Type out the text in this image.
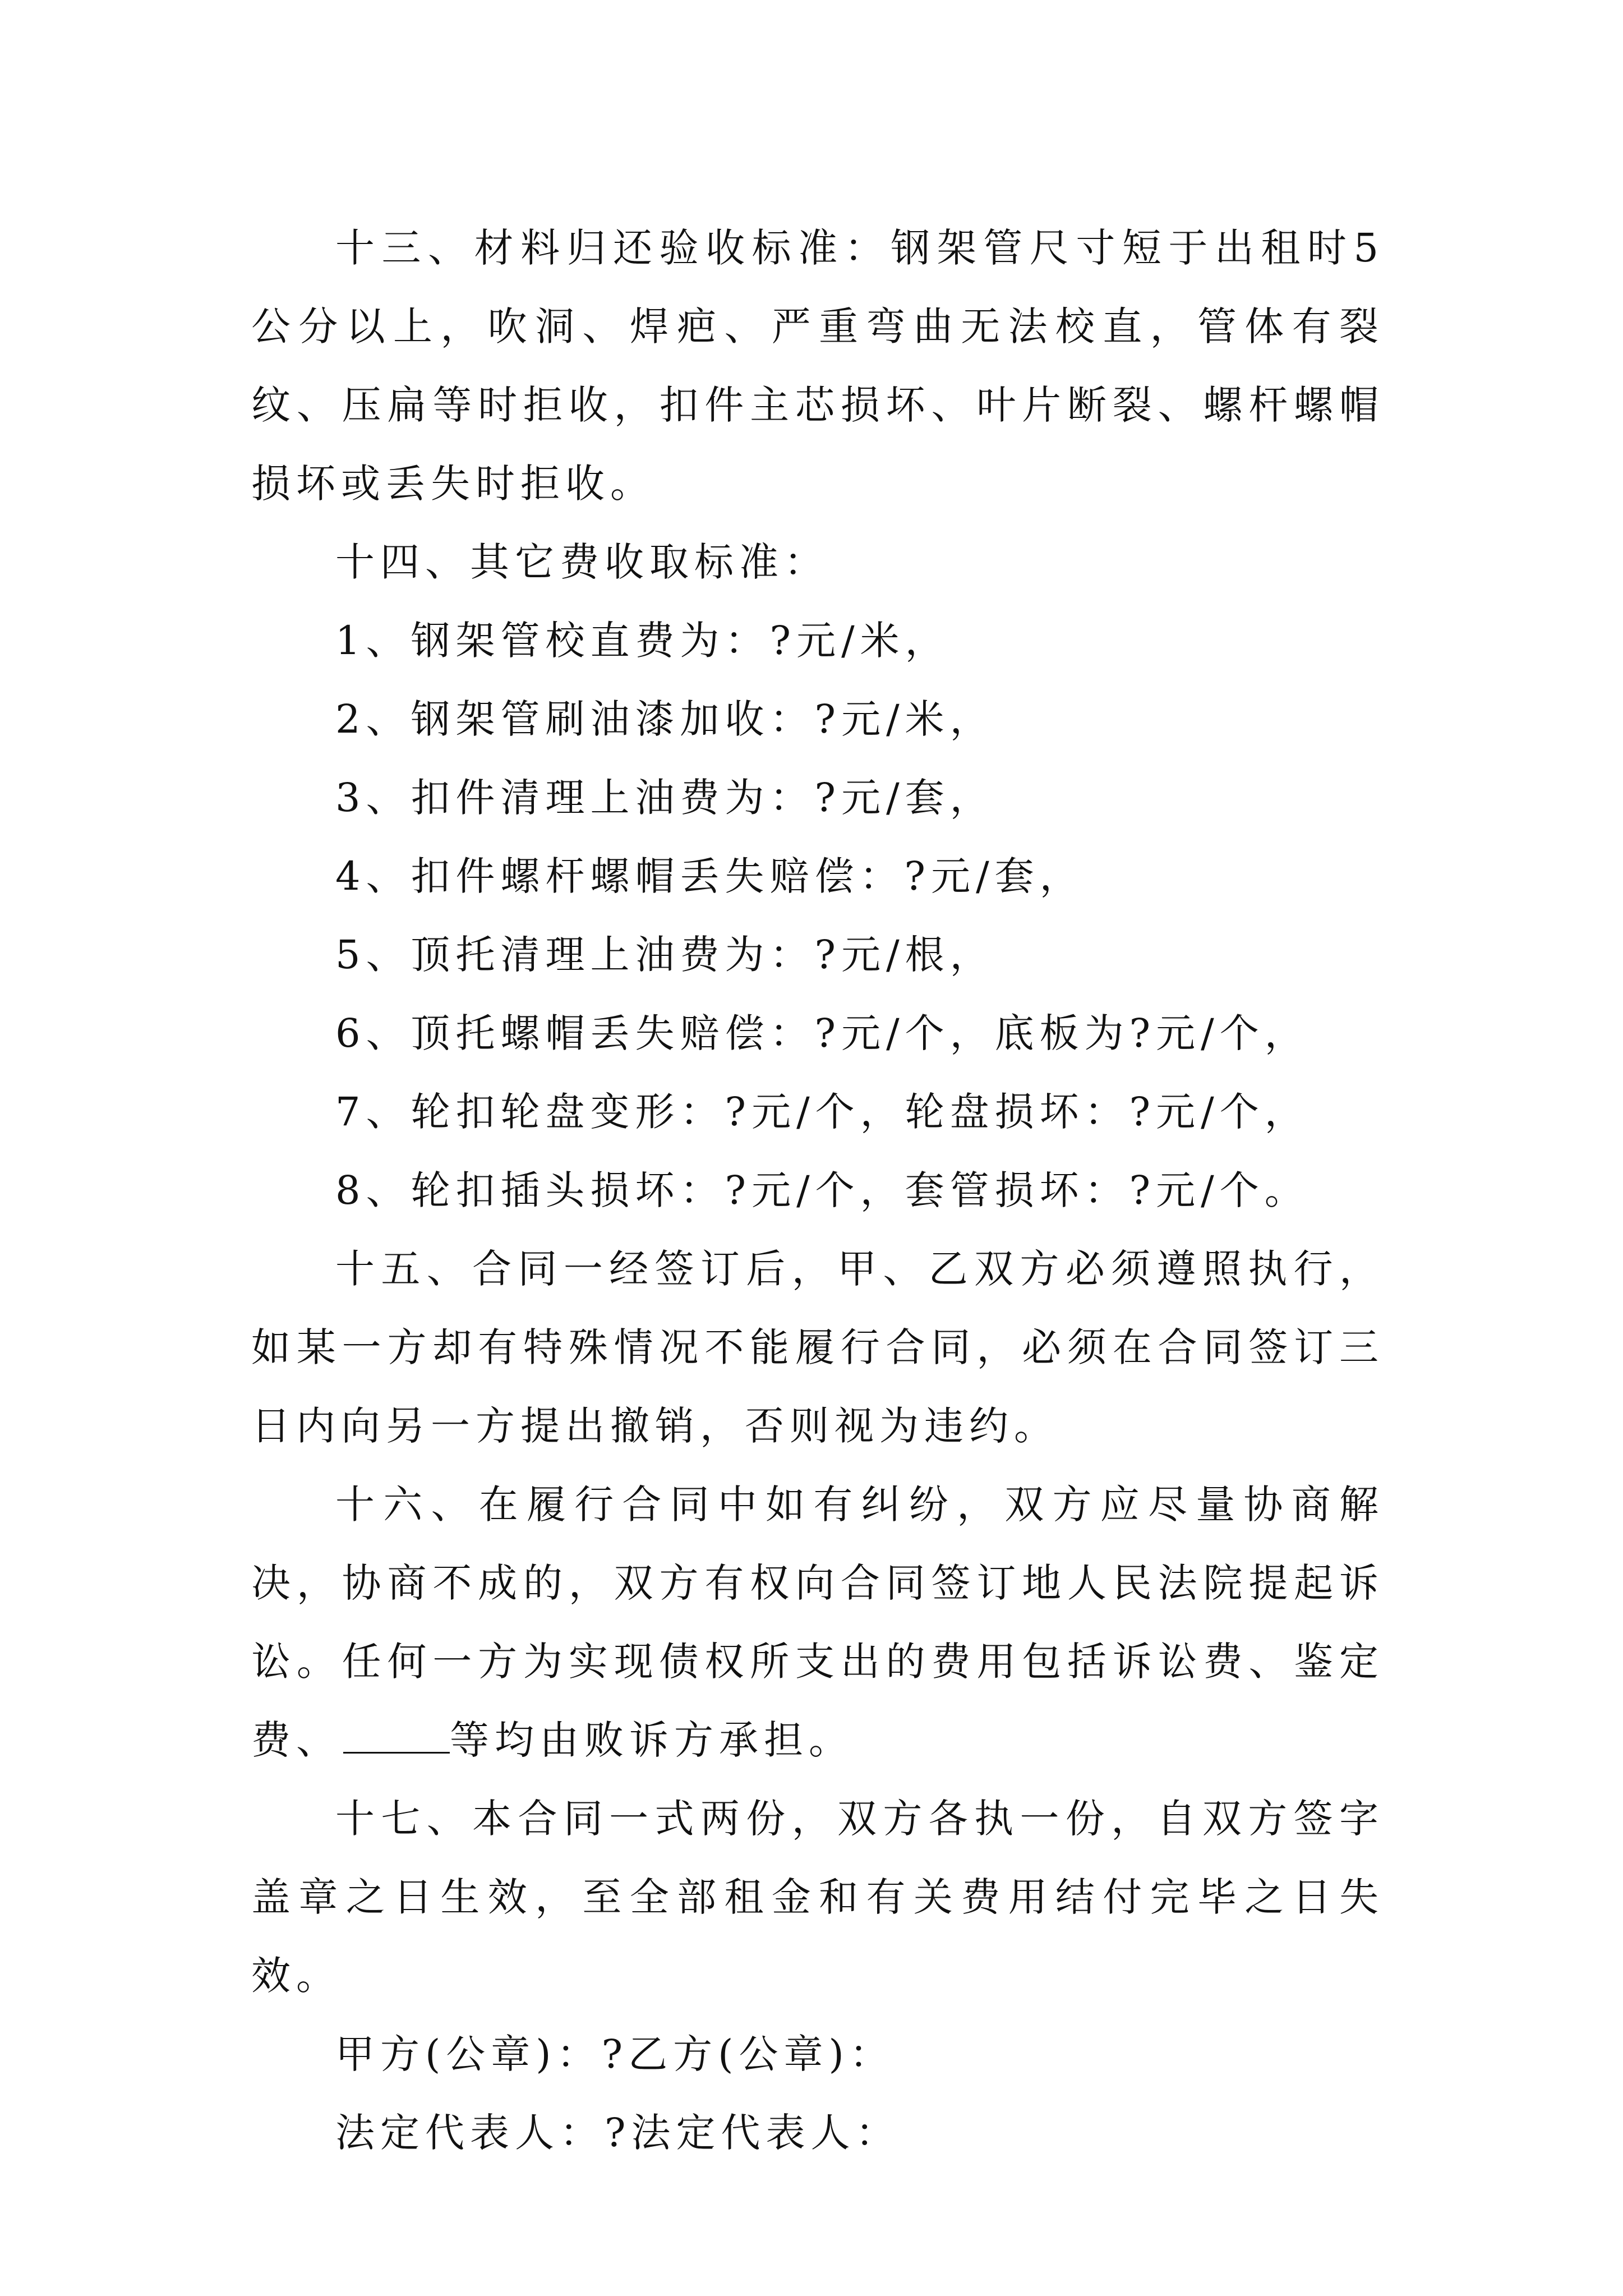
十三、材料归还验收标准：钢架管尺寸短于出租时5公分以上，吹洞、焊疤、严重弯曲无法校直，管体有裂纹、压扁等时拒收，扣件主芯损坏、叶片断裂、螺杆螺帽损坏或丢失时拒收。

十四、其它费收取标准：

1、钢架管校直费为：?元/米，

2、钢架管刷油漆加收：?元/米，

3、扣件清理上油费为：?元/套，

4、扣件螺杆螺帽丢失赔偿：?元/套，

5、顶托清理上油费为：?元/根，

6、顶托螺帽丢失赔偿：?元/个，底板为?元/个，

7、轮扣轮盘变形：?元/个，轮盘损坏：?元/个，

8、轮扣插头损坏：?元/个，套管损坏：?元/个。

十五、合同一经签订后，甲、乙双方必须遵照执行，如某一方却有特殊情况不能履行合同，必须在合同签订三日内向另一方提出撤销，否则视为违约。

十六、在履行合同中如有纠纷，双方应尽量协商解决，协商不成的，双方有权向合同签订地人民法院提起诉讼。任何一方为实现债权所支出的费用包括诉讼费、鉴定费、	等均由败诉方承担。

十七、本合同一式两份，双方各执一份，自双方签字盖章之日生效，至全部租金和有关费用结付完毕之日失效。

甲方(公章)：?乙方(公章)：

法定代表人：?法定代表人：
